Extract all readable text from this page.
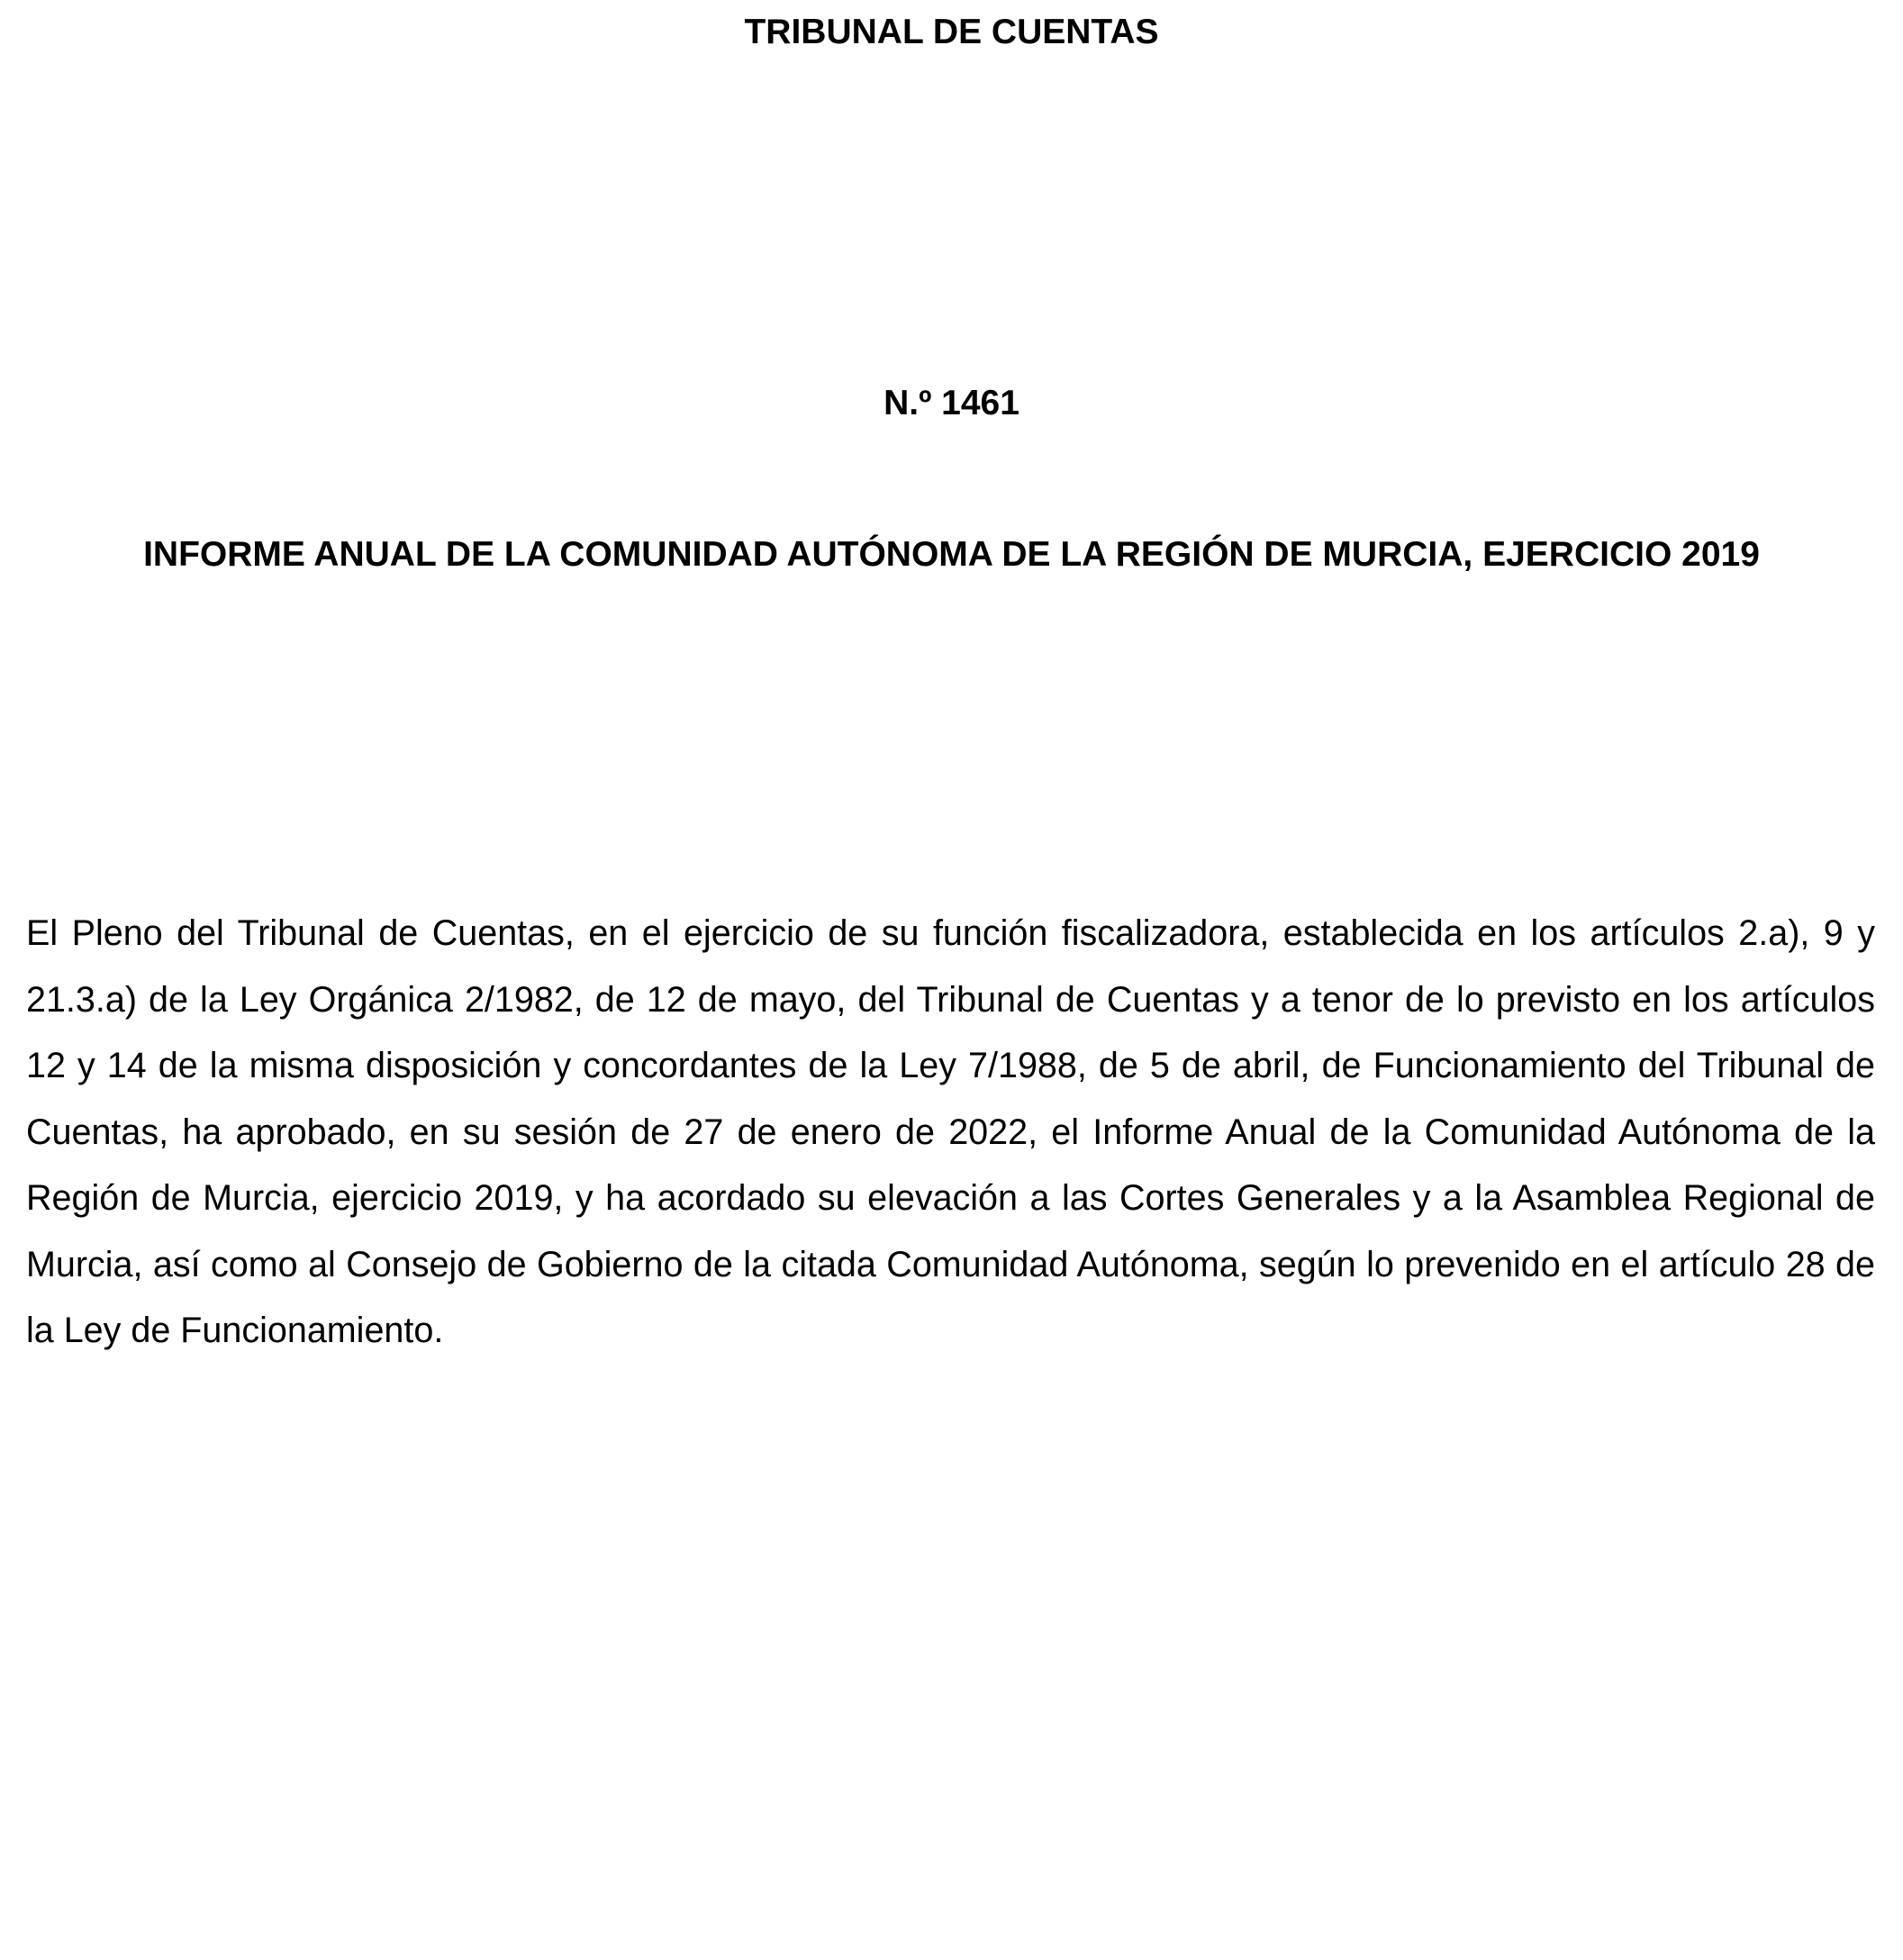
TRIBUNAL DE CUENTAS
N.º 1461
INFORME ANUAL DE LA COMUNIDAD AUTÓNOMA DE LA REGIÓN DE MURCIA, EJERCICIO 2019

El Pleno del Tribunal de Cuentas, en el ejercicio de su función fiscalizadora, establecida en los artículos 2.a), 9 y 21.3.a) de la Ley Orgánica 2/1982, de 12 de mayo, del Tribunal de Cuentas y a tenor de lo previsto en los artículos 12 y 14 de la misma disposición y concordantes de la Ley 7/1988, de 5 de abril, de Funcionamiento del Tribunal de Cuentas, ha aprobado, en su sesión de 27 de enero de 2022, el Informe Anual de la Comunidad Autónoma de la Región de Murcia, ejercicio 2019, y ha acordado su elevación a las Cortes Generales y a la Asamblea Regional de Murcia, así como al Consejo de Gobierno de la citada Comunidad Autónoma, según lo prevenido en el artículo 28 de la Ley de Funcionamiento.
